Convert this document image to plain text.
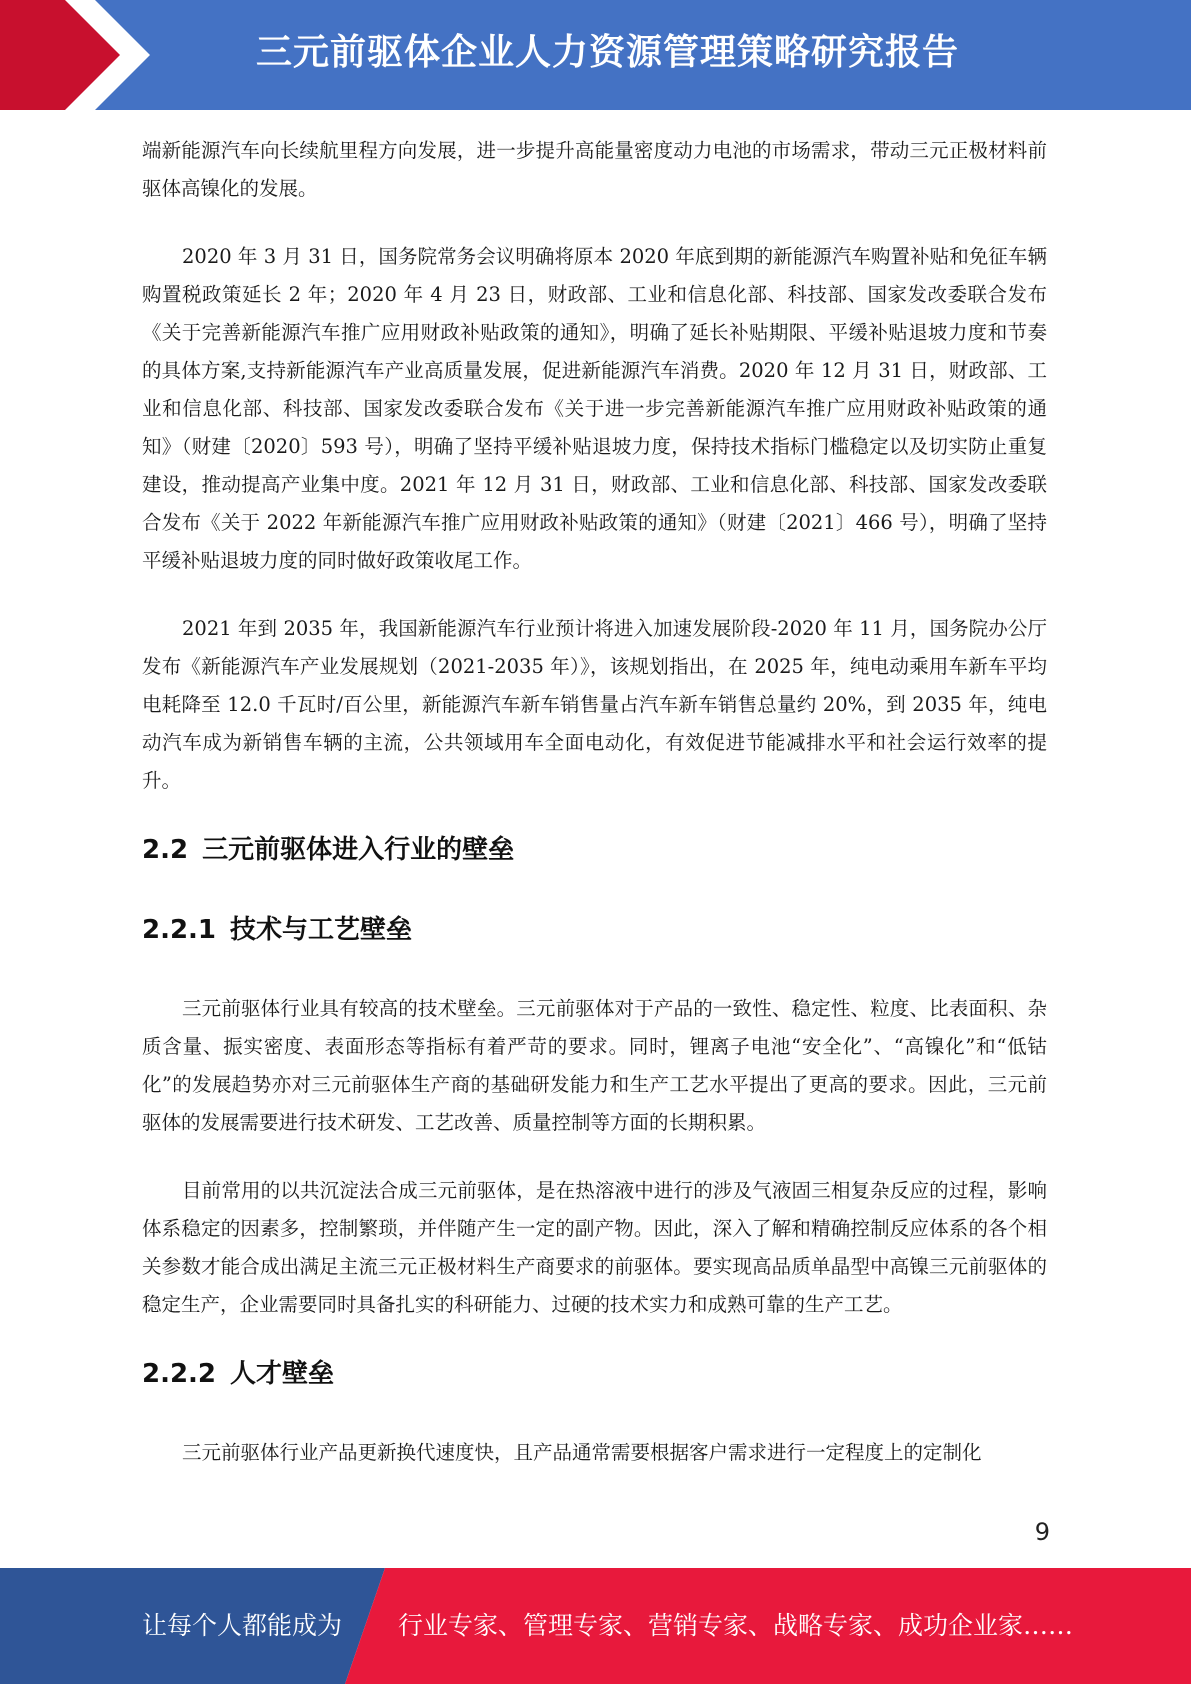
三元前驱体企业人力资源管理策略研究报告

端新能源汽车向长续航里程方向发展，进一步提升高能量密度动力电池的市场需求，带动三元正极材料前驱体高镍化的发展。

2020 年 3 月 31 日，国务院常务会议明确将原本 2020 年底到期的新能源汽车购置补贴和免征车辆购置税政策延长 2 年；2020 年 4 月 23 日，财政部、工业和信息化部、科技部、国家发改委联合发布《关于完善新能源汽车推广应用财政补贴政策的通知》，明确了延长补贴期限、平缓补贴退坡力度和节奏的具体方案,支持新能源汽车产业高质量发展，促进新能源汽车消费。2020 年 12 月 31 日，财政部、工业和信息化部、科技部、国家发改委联合发布《关于进一步完善新能源汽车推广应用财政补贴政策的通知》（财建〔2020〕593 号），明确了坚持平缓补贴退坡力度，保持技术指标门槛稳定以及切实防止重复建设，推动提高产业集中度。2021 年 12 月 31 日，财政部、工业和信息化部、科技部、国家发改委联合发布《关于 2022 年新能源汽车推广应用财政补贴政策的通知》（财建〔2021〕466 号），明确了坚持平缓补贴退坡力度的同时做好政策收尾工作。

2021 年到 2035 年，我国新能源汽车行业预计将进入加速发展阶段-2020 年 11 月，国务院办公厅发布《新能源汽车产业发展规划（2021-2035 年）》，该规划指出，在 2025 年，纯电动乘用车新车平均电耗降至 12.0 千瓦时/百公里，新能源汽车新车销售量占汽车新车销售总量约 20%，到 2035 年，纯电动汽车成为新销售车辆的主流，公共领域用车全面电动化，有效促进节能减排水平和社会运行效率的提升。

2.2 三元前驱体进入行业的壁垒
2.2.1 技术与工艺壁垒

三元前驱体行业具有较高的技术壁垒。三元前驱体对于产品的一致性、稳定性、粒度、比表面积、杂质含量、振实密度、表面形态等指标有着严苛的要求。同时，锂离子电池“安全化”、“高镍化”和“低钴化”的发展趋势亦对三元前驱体生产商的基础研发能力和生产工艺水平提出了更高的要求。因此，三元前驱体的发展需要进行技术研发、工艺改善、质量控制等方面的长期积累。

目前常用的以共沉淀法合成三元前驱体，是在热溶液中进行的涉及气液固三相复杂反应的过程，影响体系稳定的因素多，控制繁琐，并伴随产生一定的副产物。因此，深入了解和精确控制反应体系的各个相关参数才能合成出满足主流三元正极材料生产商要求的前驱体。要实现高品质单晶型中高镍三元前驱体的稳定生产，企业需要同时具备扎实的科研能力、过硬的技术实力和成熟可靠的生产工艺。

2.2.2 人才壁垒

三元前驱体行业产品更新换代速度快，且产品通常需要根据客户需求进行一定程度上的定制化

9
让每个人都能成为 行业专家、管理专家、营销专家、战略专家、成功企业家……
